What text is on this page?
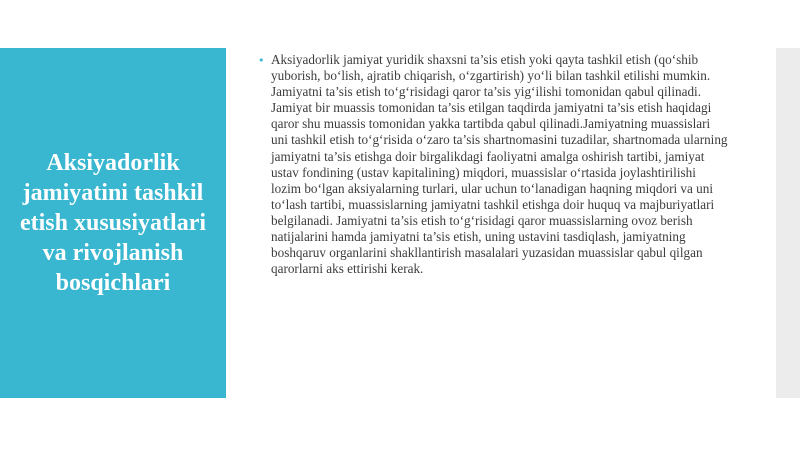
Aksiyadorlik jamiyatini tashkil etish xususiyatlari va rivojlanish bosqichlari
• Aksiyadorlik jamiyat yuridik shaxsni ta’sis etish yoki qayta tashkil etish (qo‘shib yuborish, bo‘lish, ajratib chiqarish, o‘zgartirish) yo‘li bilan tashkil etilishi mumkin. Jamiyatni ta’sis etish to‘g‘risidagi qaror ta’sis yig‘ilishi tomonidan qabul qilinadi. Jamiyat bir muassis tomonidan ta’sis etilgan taqdirda jamiyatni ta’sis etish haqidagi qaror shu muassis tomonidan yakka tartibda qabul qilinadi.Jamiyatning muassislari uni tashkil etish to‘g‘risida o‘zaro ta’sis shartnomasini tuzadilar, shartnomada ularning jamiyatni ta’sis etishga doir birgalikdagi faoliyatni amalga oshirish tartibi, jamiyat ustav fondining (ustav kapitalining) miqdori, muassislar o‘rtasida joylashtirilishi lozim bo‘lgan aksiyalarning turlari, ular uchun to‘lanadigan haqning miqdori va uni to‘lash tartibi, muassislarning jamiyatni tashkil etishga doir huquq va majburiyatlari belgilanadi. Jamiyatni ta’sis etish to‘g‘risidagi qaror muassislarning ovoz berish natijalarini hamda jamiyatni ta’sis etish, uning ustavini tasdiqlash, jamiyatning boshqaruv organlarini shakllantirish masalalari yuzasidan muassislar qabul qilgan qarorlarni aks ettirishi kerak.
